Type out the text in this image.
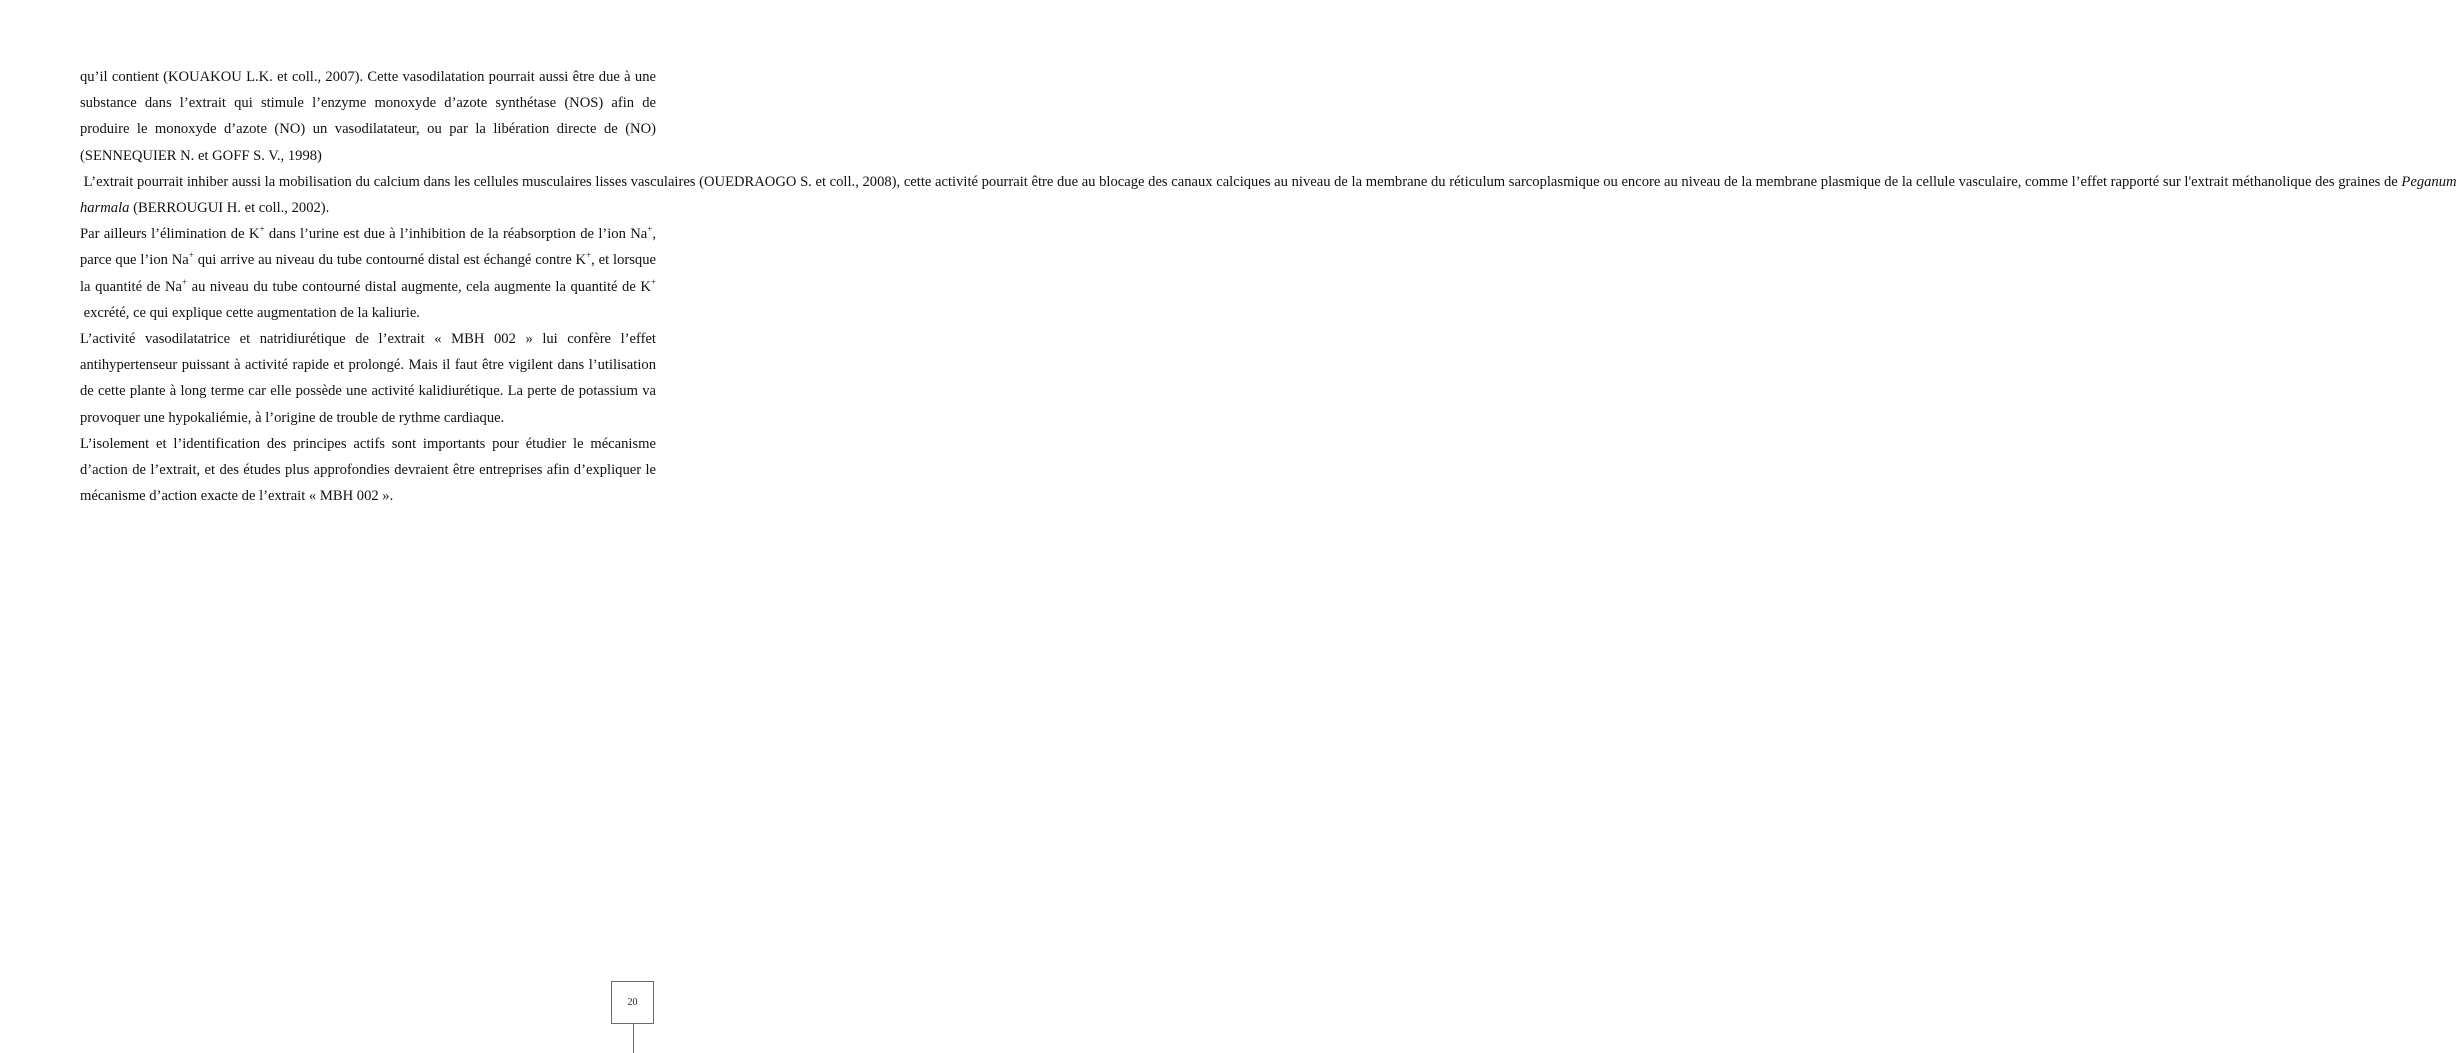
qu’il contient (KOUAKOU L.K. et coll., 2007). Cette vasodilatation pourrait aussi être due à une substance dans l’extrait qui stimule l’enzyme monoxyde d’azote synthétase (NOS) afin de produire le monoxyde d’azote (NO) un vasodilatateur, ou par la libération directe de (NO) (SENNEQUIER N. et GOFF S. V., 1998)

L’extrait pourrait inhiber aussi la mobilisation du calcium dans les cellules musculaires lisses vasculaires (OUEDRAOGO S. et coll., 2008), cette activité pourrait être due au blocage des canaux calciques au niveau de la membrane du réticulum sarcoplasmique ou encore au niveau de la membrane plasmique de la cellule vasculaire, comme l’effet rapporté sur l'extrait méthanolique des graines de Peganum harmala (BERROUGUI H. et coll., 2002).

Par ailleurs l’élimination de K+ dans l’urine est due à l’inhibition de la réabsorption de l’ion Na+, parce que l’ion Na+ qui arrive au niveau du tube contourné distal est échangé contre K+, et lorsque la quantité de Na+ au niveau du tube contourné distal augmente, cela augmente la quantité de K+ excrété, ce qui explique cette augmentation de la kaliurie.

L’activité vasodilatatrice et natridiurétique de l’extrait « MBH 002 » lui confère l’effet antihypertenseur puissant à activité rapide et prolongé. Mais il faut être vigilent dans l’utilisation de cette plante à long terme car elle possède une activité kalidiurétique. La perte de potassium va provoquer une hypokaliémie, à l’origine de trouble de rythme cardiaque.

L’isolement et l’identification des principes actifs sont importants pour étudier le mécanisme d’action de l’extrait, et des études plus approfondies devraient être entreprises afin d’expliquer le mécanisme d’action exacte de l’extrait « MBH 002 ».

20
